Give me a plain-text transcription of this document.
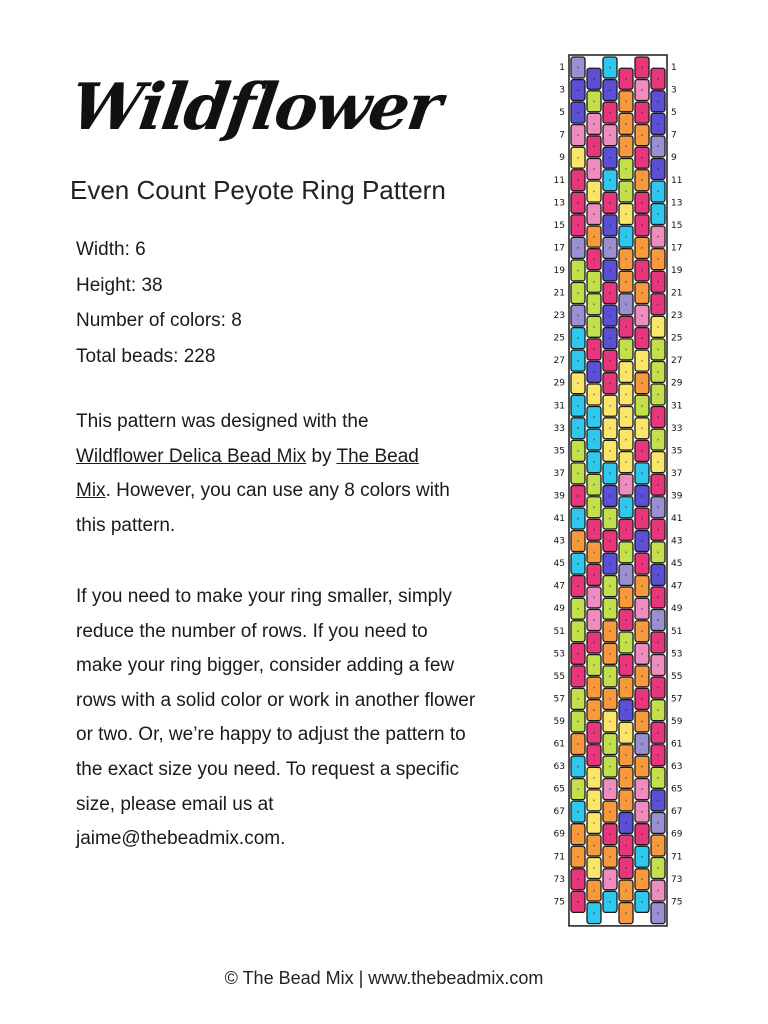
Wildflower
Even Count Peyote Ring Pattern
Width: 6
Height: 38
Number of colors: 8
Total beads: 228

This pattern was designed with the
Wildflower Delica Bead Mix by The Bead
Mix. However, you can use any 8 colors with this pattern.

If you need to make your ring smaller, simply reduce the number of rows. If you need to make your ring bigger, consider adding a few rows with a solid color or work in another flower or two. Or, we’re happy to adjust the pattern to the exact size you need. To request a specific size, please email us at
jaime@thebeadmix.com.

1	1
3	3
5	5
7	7
9	9
11	11
13	13
15	15
17	17
19	19
21	21
23	23
25	25
27	27
29	29
31	31
33	33
35	35
37	37
39	39
41	41
43	43
45	45
47	47
49	49
51	51
53	53
55	55
57	57
59	59
61	61
63	63
65	65
67	67
69	69
71	71
73	73
75	75
© The Bead Mix | www.thebeadmix.com
